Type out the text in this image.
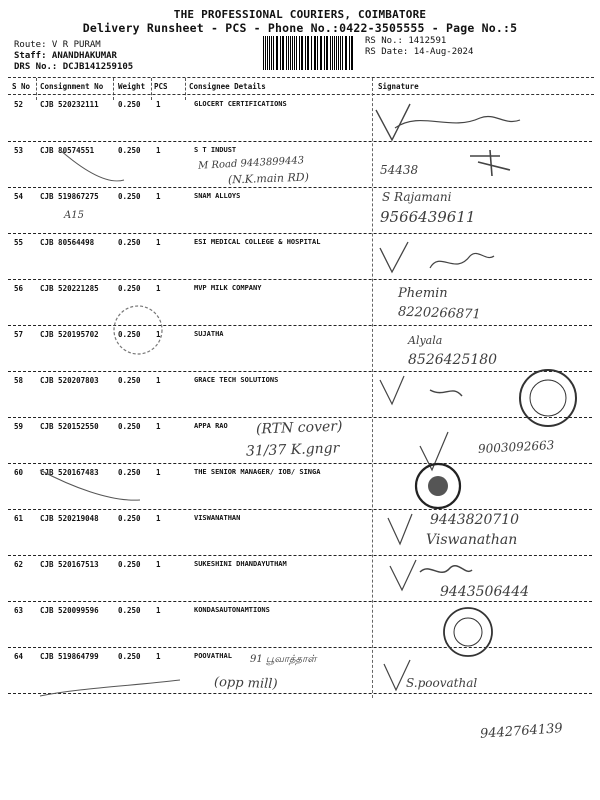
THE PROFESSIONAL COURIERS, COIMBATORE
Delivery Runsheet - PCS - Phone No.:0422-3505555 - Page No.:5
Route: V R PURAM
Staff: ANANDHAKUMAR
DRS No.: DCJB141259105
RS No.: 1412591
RS Date: 14-Aug-2024
S No Consignment No Weight PCS	Consignee Details	Signature
52 CJB 520232111	0.250 1	GLOCERT CERTIFICATIONS
53 CJB 80574551	0.250 1	S T INDUST
54 CJB 519867275	0.250 1	SNAM ALLOYS
55 CJB 80564498	0.250 1	ESI MEDICAL COLLEGE & HOSPITAL
56 CJB 520221285	0.250 1	MVP MILK COMPANY
57 CJB 520195702	0.250 1	SUJATHA
58 CJB 520207803	0.250 1	GRACE TECH SOLUTIONS
59 CJB 520152550	0.250 1	APPA RAO
60 CJB 520167483	0.250 1	THE SENIOR MANAGER/ IOB/ SINGA
61 CJB 520219048	0.250 1	VISWANATHAN
62 CJB 520167513	0.250 1	SUKESHINI DHANDAYUTHAM
63 CJB 520099596	0.250 1	KONDASAUTONAMTIONS
64 CJB 519864799	0.250 1	POOVATHAL
M Road 9443899443
(N.K.main RD)
54438
S Rajamani
9566439611
A15
Phemin
8220266871
Alyala
8526425180
(RTN cover)
31/37 K.gngr	9003092663
9443820710
Viswanathan
9443506444
91 பூவாத்தாள்
(opp mill)	S.poovathal
9442764139
